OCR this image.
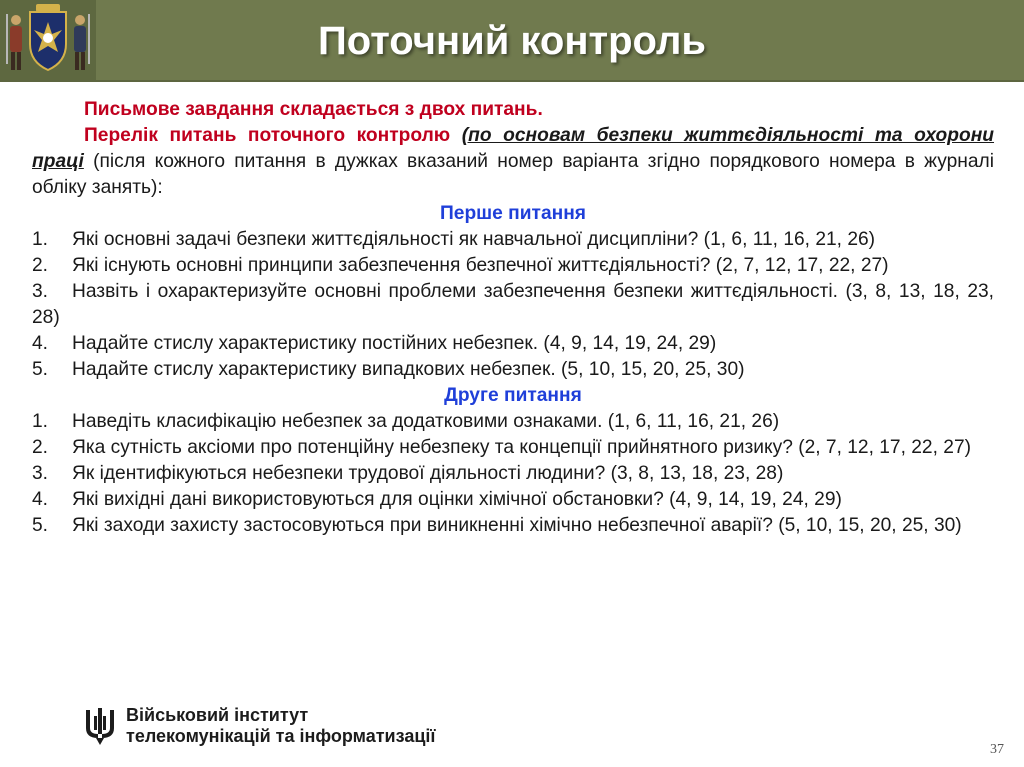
Поточний контроль

Письмове завдання складається з двох питань.

Перелік питань поточного контролю (по основам безпеки життєдіяльності та охорони праці (після кожного питання в дужках вказаний номер варіанта згідно порядкового номера в журналі обліку занять):

Перше питання

1. Які основні задачі безпеки життєдіяльності як навчальної дисципліни? (1, 6, 11, 16, 21, 26)

2. Які існують основні принципи забезпечення безпечної життєдіяльності? (2, 7, 12, 17, 22, 27)

3. Назвіть і охарактеризуйте основні проблеми забезпечення безпеки життєдіяльності. (3, 8, 13, 18, 23, 28)

4. Надайте стислу характеристику постійних небезпек. (4, 9, 14, 19, 24, 29)

5. Надайте стислу характеристику випадкових небезпек. (5, 10, 15, 20, 25, 30)

Друге питання

1. Наведіть класифікацію небезпек за додатковими ознаками. (1, 6, 11, 16, 21, 26)

2. Яка сутність аксіоми про потенційну небезпеку та концепції прийнятного ризику? (2, 7, 12, 17, 22, 27)

3. Як ідентифікуються небезпеки трудової діяльності людини? (3, 8, 13, 18, 23, 28)

4. Які вихідні дані використовуються для оцінки хімічної обстановки? (4, 9, 14, 19, 24, 29)

5. Які заходи захисту застосовуються при виникненні хімічно небезпечної аварії? (5, 10, 15, 20, 25, 30)

Військовий інститут
телекомунікацій та інформатизації
37
